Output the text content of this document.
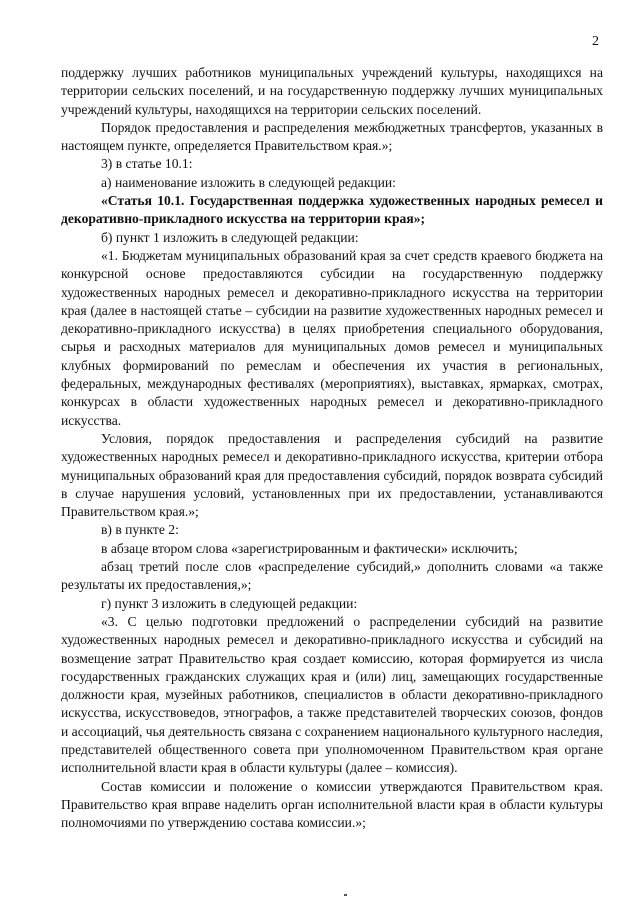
2

поддержку лучших работников муниципальных учреждений культуры, находящихся на территории сельских поселений, и на государственную поддержку лучших муниципальных учреждений культуры, находящихся на территории сельских поселений.

Порядок предоставления и распределения межбюджетных трансфертов, указанных в настоящем пункте, определяется Правительством края.»;

3) в статье 10.1:

а) наименование изложить в следующей редакции:

«Статья 10.1. Государственная поддержка художественных народных ремесел и декоративно-прикладного искусства на территории края»;

б) пункт 1 изложить в следующей редакции:

«1. Бюджетам муниципальных образований края за счет средств краевого бюджета на конкурсной основе предоставляются субсидии на государственную поддержку художественных народных ремесел и декоративно-прикладного искусства на территории края (далее в настоящей статье – субсидии на развитие художественных народных ремесел и декоративно-прикладного искусства) в целях приобретения специального оборудования, сырья и расходных материалов для муниципальных домов ремесел и муниципальных клубных формирований по ремеслам и обеспечения их участия в региональных, федеральных, международных фестивалях (мероприятиях), выставках, ярмарках, смотрах, конкурсах в области художественных народных ремесел и декоративно-прикладного искусства.

Условия, порядок предоставления и распределения субсидий на развитие художественных народных ремесел и декоративно-прикладного искусства, критерии отбора муниципальных образований края для предоставления субсидий, порядок возврата субсидий в случае нарушения условий, установленных при их предоставлении, устанавливаются Правительством края.»;

в) в пункте 2:

в абзаце втором слова «зарегистрированным и фактически» исключить;

абзац третий после слов «распределение субсидий,» дополнить словами «а также результаты их предоставления,»;

г) пункт 3 изложить в следующей редакции:

«3. С целью подготовки предложений о распределении субсидий на развитие художественных народных ремесел и декоративно-прикладного искусства и субсидий на возмещение затрат Правительство края создает комиссию, которая формируется из числа государственных гражданских служащих края и (или) лиц, замещающих государственные должности края, музейных работников, специалистов в области декоративно-прикладного искусства, искусствоведов, этнографов, а также представителей творческих союзов, фондов и ассоциаций, чья деятельность связана с сохранением национального культурного наследия, представителей общественного совета при уполномоченном Правительством края органе исполнительной власти края в области культуры (далее – комиссия).

Состав комиссии и положение о комиссии утверждаются Правительством края. Правительство края вправе наделить орган исполнительной власти края в области культуры полномочиями по утверждению состава комиссии.»;
